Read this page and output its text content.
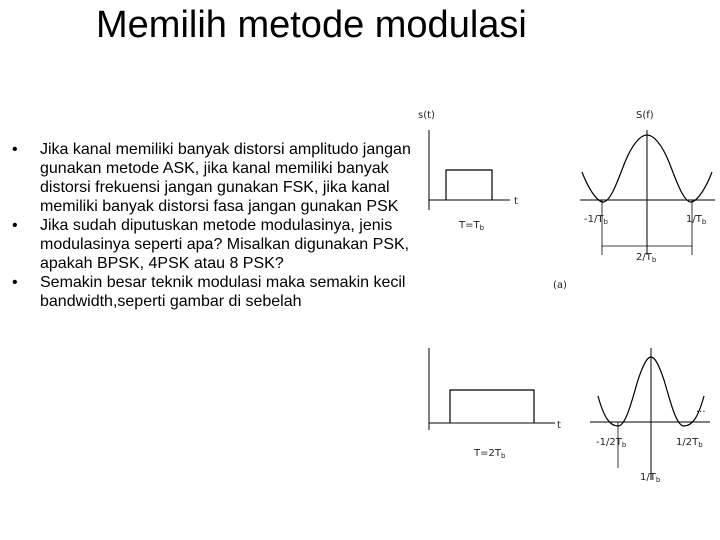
Memilih metode modulasi
•	Jika kanal memiliki banyak distorsi amplitudo jangan gunakan metode ASK, jika kanal memiliki banyak distorsi frekuensi jangan gunakan FSK, jika kanal memiliki banyak distorsi fasa jangan gunakan PSK
•	Jika sudah diputuskan metode modulasinya, jenis modulasinya seperti apa? Misalkan digunakan PSK, apakah BPSK, 4PSK atau 8 PSK?
•	Semakin besar teknik modulasi maka semakin kecil bandwidth,seperti gambar di sebelah
s(t)
t
$T=T_b$
S(f)
$-1/T_b$	$1/T_b$
$2/T_b$
(a)
t
$T=2T_b$
$-1/2T_b$	$1/2T_b$
$1/T_b$
...
